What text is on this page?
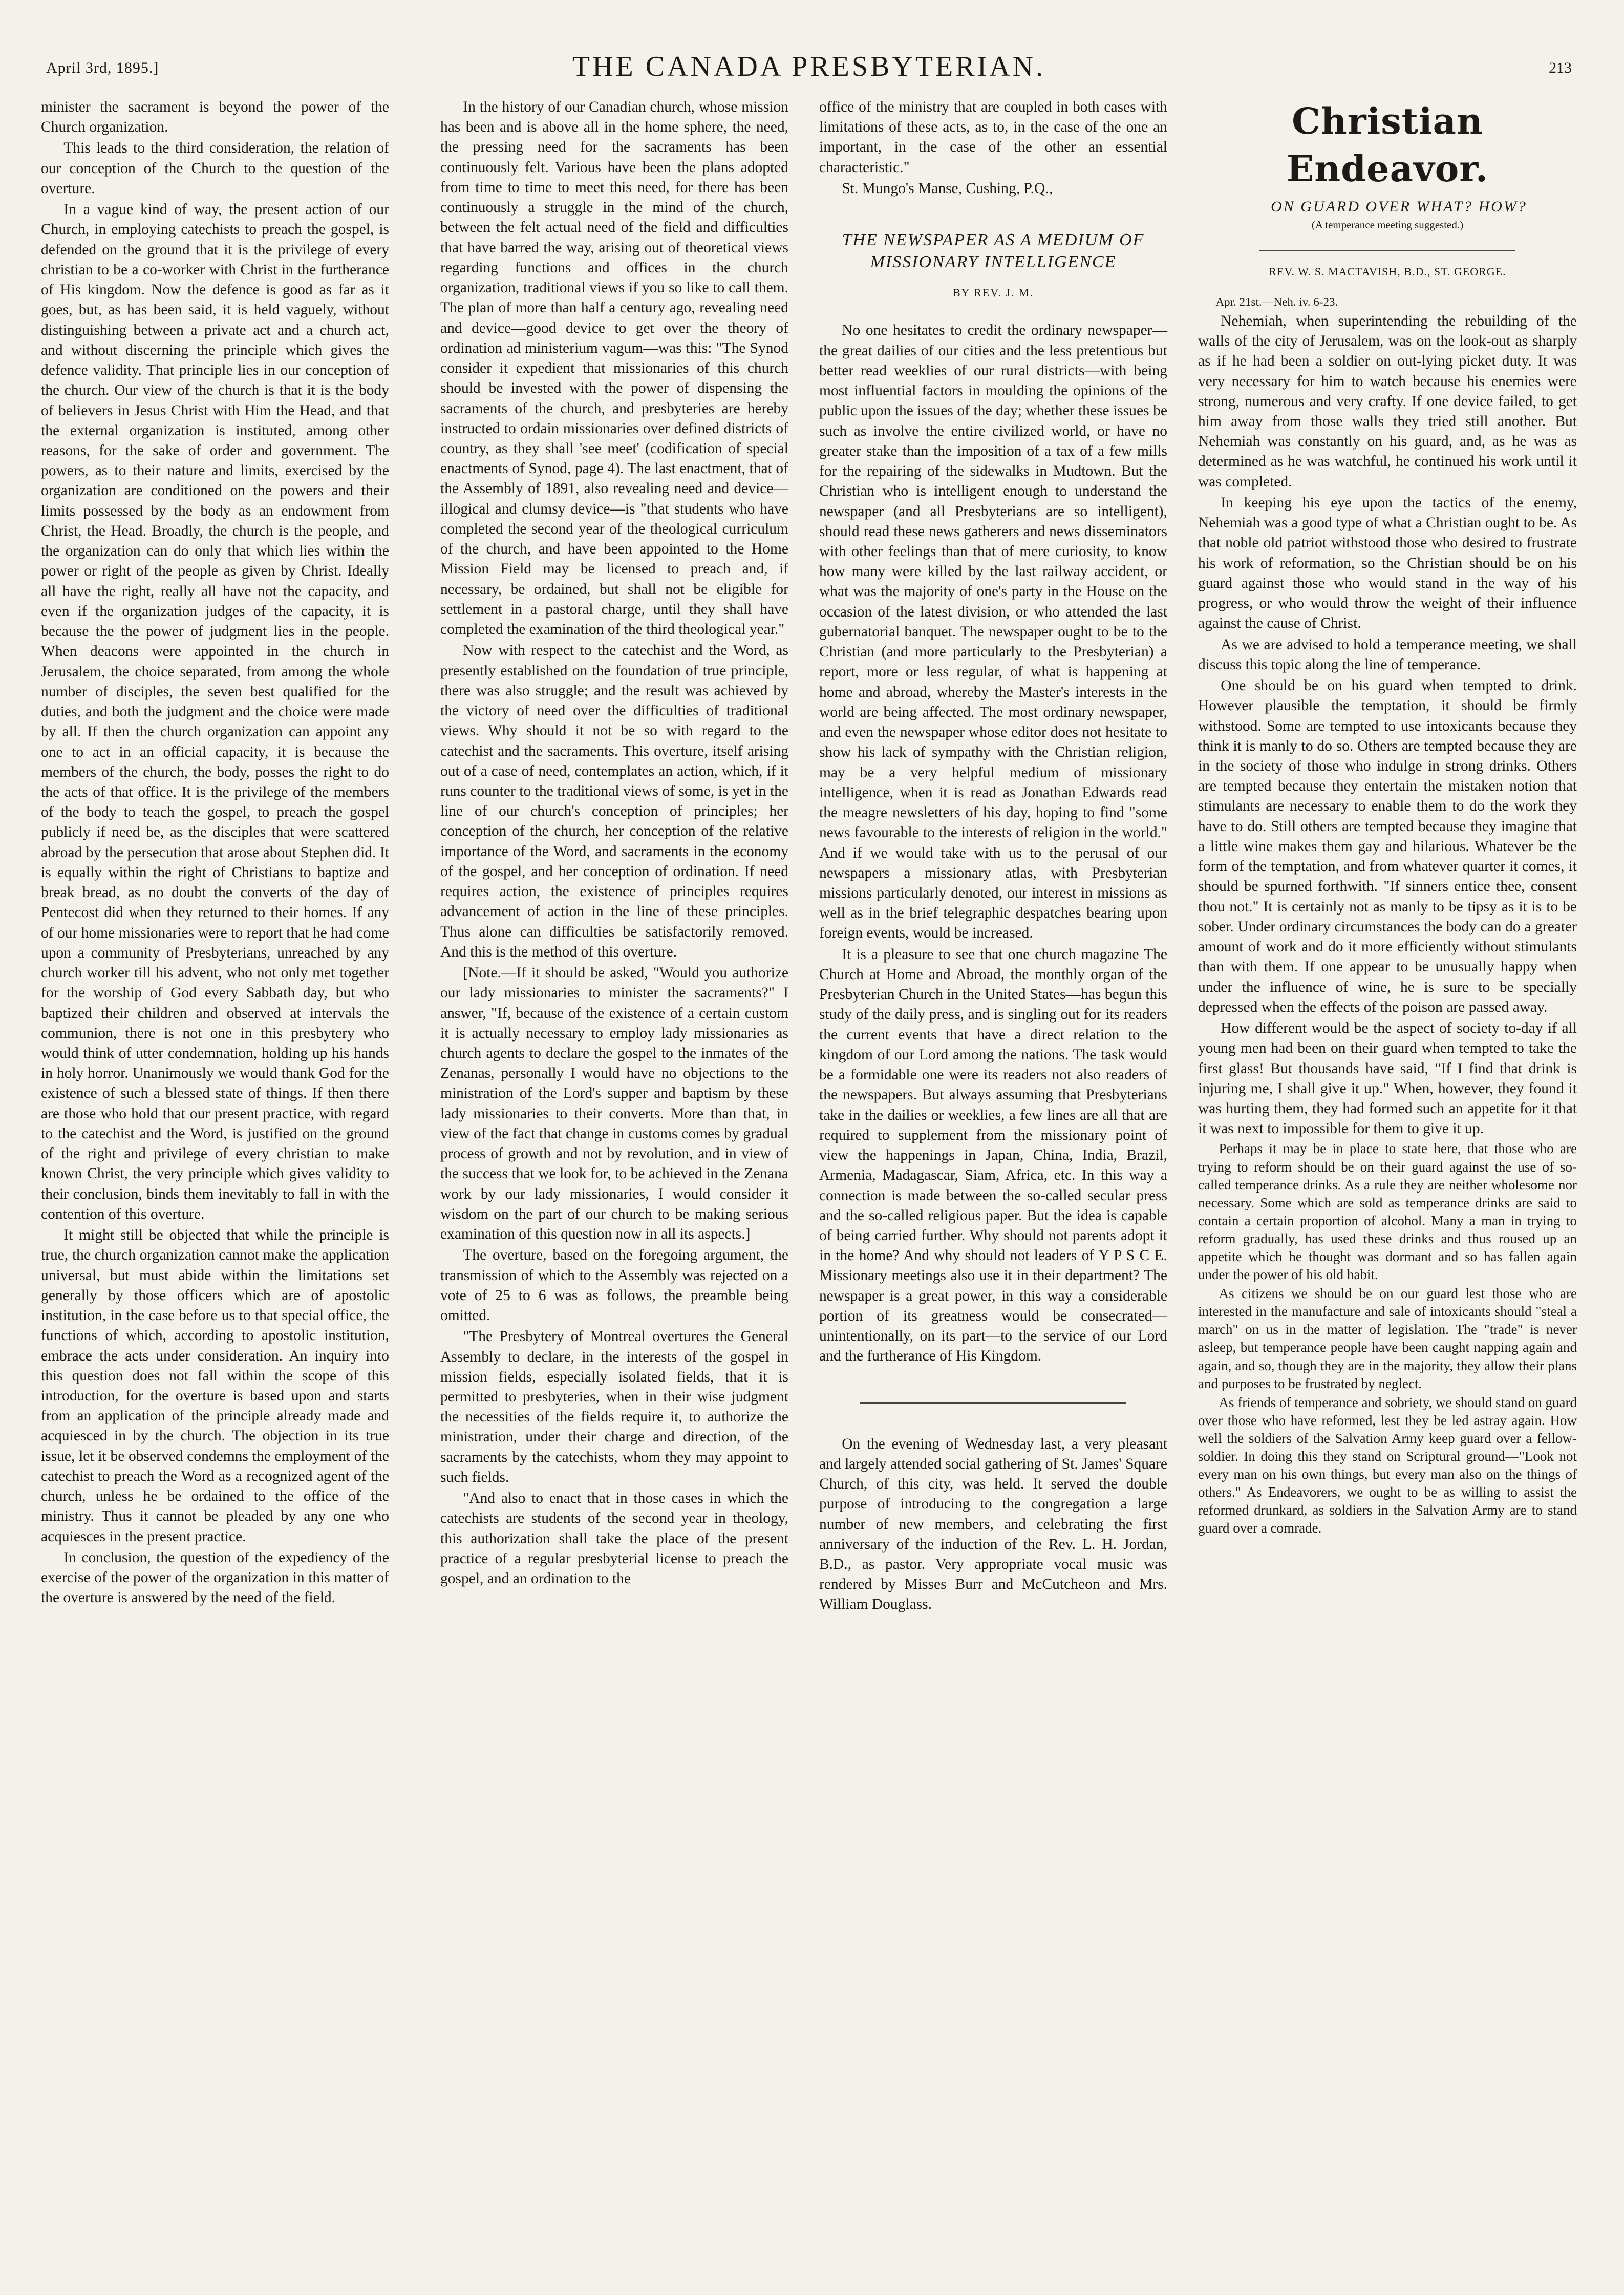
April 3rd, 1895.]	THE CANADA PRESBYTERIAN.	213

minister the sacrament is beyond the power of the Church organization.

This leads to the third consideration, the relation of our conception of the Church to the question of the overture.

In a vague kind of way, the present action of our Church, in employing catechists to preach the gospel, is defended on the ground that it is the privilege of every christian to be a co-worker with Christ in the furtherance of His kingdom. Now the defence is good as far as it goes, but, as has been said, it is held vaguely, without distinguishing between a private act and a church act, and without discerning the principle which gives the defence validity. That principle lies in our conception of the church. Our view of the church is that it is the body of believers in Jesus Christ with Him the Head, and that the external organization is instituted, among other reasons, for the sake of order and government. The powers, as to their nature and limits, exercised by the organization are conditioned on the powers and their limits possessed by the body as an endowment from Christ, the Head. Broadly, the church is the people, and the organization can do only that which lies within the power or right of the people as given by Christ. Ideally all have the right, really all have not the capacity, and even if the organization judges of the capacity, it is because the the power of judgment lies in the people. When deacons were appointed in the church in Jerusalem, the choice separated, from among the whole number of disciples, the seven best qualified for the duties, and both the judgment and the choice were made by all. If then the church organization can appoint any one to act in an official capacity, it is because the members of the church, the body, posses the right to do the acts of that office. It is the privilege of the members of the body to teach the gospel, to preach the gospel publicly if need be, as the disciples that were scattered abroad by the persecution that arose about Stephen did. It is equally within the right of Christians to baptize and break bread, as no doubt the converts of the day of Pentecost did when they returned to their homes. If any of our home missionaries were to report that he had come upon a community of Presbyterians, unreached by any church worker till his advent, who not only met together for the worship of God every Sabbath day, but who baptized their children and observed at intervals the communion, there is not one in this presbytery who would think of utter condemnation, holding up his hands in holy horror. Unanimously we would thank God for the existence of such a blessed state of things. If then there are those who hold that our present practice, with regard to the catechist and the Word, is justified on the ground of the right and privilege of every christian to make known Christ, the very principle which gives validity to their conclusion, binds them inevitably to fall in with the contention of this overture.

It might still be objected that while the principle is true, the church organization cannot make the application universal, but must abide within the limitations set generally by those officers which are of apostolic institution, in the case before us to that special office, the functions of which, according to apostolic institution, embrace the acts under consideration. An inquiry into this question does not fall within the scope of this introduction, for the overture is based upon and starts from an application of the principle already made and acquiesced in by the church. The objection in its true issue, let it be observed condemns the employment of the catechist to preach the Word as a recognized agent of the church, unless he be ordained to the office of the ministry. Thus it cannot be pleaded by any one who acquiesces in the present practice.

In conclusion, the question of the expediency of the exercise of the power of the organization in this matter of the overture is answered by the need of the field.

In the history of our Canadian church, whose mission has been and is above all in the home sphere, the need, the pressing need for the sacraments has been continuously felt. Various have been the plans adopted from time to time to meet this need, for there has been continuously a struggle in the mind of the church, between the felt actual need of the field and difficulties that have barred the way, arising out of theoretical views regarding functions and offices in the church organization, traditional views if you so like to call them. The plan of more than half a century ago, revealing need and device—good device to get over the theory of ordination ad ministerium vagum—was this: "The Synod consider it expedient that missionaries of this church should be invested with the power of dispensing the sacraments of the church, and presbyteries are hereby instructed to ordain missionaries over defined districts of country, as they shall 'see meet' (codification of special enactments of Synod, page 4). The last enactment, that of the Assembly of 1891, also revealing need and device—illogical and clumsy device—is "that students who have completed the second year of the theological curriculum of the church, and have been appointed to the Home Mission Field may be licensed to preach and, if necessary, be ordained, but shall not be eligible for settlement in a pastoral charge, until they shall have completed the examination of the third theological year."

Now with respect to the catechist and the Word, as presently established on the foundation of true principle, there was also struggle; and the result was achieved by the victory of need over the difficulties of traditional views. Why should it not be so with regard to the catechist and the sacraments. This overture, itself arising out of a case of need, contemplates an action, which, if it runs counter to the traditional views of some, is yet in the line of our church's conception of principles; her conception of the church, her conception of the relative importance of the Word, and sacraments in the economy of the gospel, and her conception of ordination. If need requires action, the existence of principles requires advancement of action in the line of these principles. Thus alone can difficulties be satisfactorily removed. And this is the method of this overture.

[Note.—If it should be asked, "Would you authorize our lady missionaries to minister the sacraments?" I answer, "If, because of the existence of a certain custom it is actually necessary to employ lady missionaries as church agents to declare the gospel to the inmates of the Zenanas, personally I would have no objections to the ministration of the Lord's supper and baptism by these lady missionaries to their converts. More than that, in view of the fact that change in customs comes by gradual process of growth and not by revolution, and in view of the success that we look for, to be achieved in the Zenana work by our lady missionaries, I would consider it wisdom on the part of our church to be making serious examination of this question now in all its aspects.]

The overture, based on the foregoing argument, the transmission of which to the Assembly was rejected on a vote of 25 to 6 was as follows, the preamble being omitted.

"The Presbytery of Montreal overtures the General Assembly to declare, in the interests of the gospel in mission fields, especially isolated fields, that it is permitted to presbyteries, when in their wise judgment the necessities of the fields require it, to authorize the ministration, under their charge and direction, of the sacraments by the catechists, whom they may appoint to such fields.

"And also to enact that in those cases in which the catechists are students of the second year in theology, this authorization shall take the place of the present practice of a regular presbyterial license to preach the gospel, and an ordination to the

office of the ministry that are coupled in both cases with limitations of these acts, as to, in the case of the one an important, in the case of the other an essential characteristic."

St. Mungo's Manse, Cushing, P.Q.,

THE NEWSPAPER AS A MEDIUM OF MISSIONARY INTELLIGENCE
BY REV. J. M.

No one hesitates to credit the ordinary newspaper—the great dailies of our cities and the less pretentious but better read weeklies of our rural districts—with being most influential factors in moulding the opinions of the public upon the issues of the day; whether these issues be such as involve the entire civilized world, or have no greater stake than the imposition of a tax of a few mills for the repairing of the sidewalks in Mudtown. But the Christian who is intelligent enough to understand the newspaper (and all Presbyterians are so intelligent), should read these news gatherers and news disseminators with other feelings than that of mere curiosity, to know how many were killed by the last railway accident, or what was the majority of one's party in the House on the occasion of the latest division, or who attended the last gubernatorial banquet. The newspaper ought to be to the Christian (and more particularly to the Presbyterian) a report, more or less regular, of what is happening at home and abroad, whereby the Master's interests in the world are being affected. The most ordinary newspaper, and even the newspaper whose editor does not hesitate to show his lack of sympathy with the Christian religion, may be a very helpful medium of missionary intelligence, when it is read as Jonathan Edwards read the meagre newsletters of his day, hoping to find "some news favourable to the interests of religion in the world." And if we would take with us to the perusal of our newspapers a missionary atlas, with Presbyterian missions particularly denoted, our interest in missions as well as in the brief telegraphic despatches bearing upon foreign events, would be increased.

It is a pleasure to see that one church magazine The Church at Home and Abroad, the monthly organ of the Presbyterian Church in the United States—has begun this study of the daily press, and is singling out for its readers the current events that have a direct relation to the kingdom of our Lord among the nations. The task would be a formidable one were its readers not also readers of the newspapers. But always assuming that Presbyterians take in the dailies or weeklies, a few lines are all that are required to supplement from the missionary point of view the happenings in Japan, China, India, Brazil, Armenia, Madagascar, Siam, Africa, etc. In this way a connection is made between the so-called secular press and the so-called religious paper. But the idea is capable of being carried further. Why should not parents adopt it in the home? And why should not leaders of Y P S C E. Missionary meetings also use it in their department? The newspaper is a great power, in this way a considerable portion of its greatness would be consecrated—unintentionally, on its part—to the service of our Lord and the furtherance of His Kingdom.

On the evening of Wednesday last, a very pleasant and largely attended social gathering of St. James' Square Church, of this city, was held. It served the double purpose of introducing to the congregation a large number of new members, and celebrating the first anniversary of the induction of the Rev. L. H. Jordan, B.D., as pastor. Very appropriate vocal music was rendered by Misses Burr and McCutcheon and Mrs. William Douglass.

Christian Endeavor.

ON GUARD OVER WHAT? HOW?

(A temperance meeting suggested.)
REV. W. S. MACTAVISH, B.D., ST. GEORGE.

Apr. 21st.—Neh. iv. 6-23.

Nehemiah, when superintending the rebuilding of the walls of the city of Jerusalem, was on the look-out as sharply as if he had been a soldier on out-lying picket duty. It was very necessary for him to watch because his enemies were strong, numerous and very crafty. If one device failed, to get him away from those walls they tried still another. But Nehemiah was constantly on his guard, and, as he was as determined as he was watchful, he continued his work until it was completed.

In keeping his eye upon the tactics of the enemy, Nehemiah was a good type of what a Christian ought to be. As that noble old patriot withstood those who desired to frustrate his work of reformation, so the Christian should be on his guard against those who would stand in the way of his progress, or who would throw the weight of their influence against the cause of Christ.

As we are advised to hold a temperance meeting, we shall discuss this topic along the line of temperance.

One should be on his guard when tempted to drink. However plausible the temptation, it should be firmly withstood. Some are tempted to use intoxicants because they think it is manly to do so. Others are tempted because they are in the society of those who indulge in strong drinks. Others are tempted because they entertain the mistaken notion that stimulants are necessary to enable them to do the work they have to do. Still others are tempted because they imagine that a little wine makes them gay and hilarious. Whatever be the form of the temptation, and from whatever quarter it comes, it should be spurned forthwith. "If sinners entice thee, consent thou not." It is certainly not as manly to be tipsy as it is to be sober. Under ordinary circumstances the body can do a greater amount of work and do it more efficiently without stimulants than with them. If one appear to be unusually happy when under the influence of wine, he is sure to be specially depressed when the effects of the poison are passed away.

How different would be the aspect of society to-day if all young men had been on their guard when tempted to take the first glass! But thousands have said, "If I find that drink is injuring me, I shall give it up." When, however, they found it was hurting them, they had formed such an appetite for it that it was next to impossible for them to give it up.

Perhaps it may be in place to state here, that those who are trying to reform should be on their guard against the use of so-called temperance drinks. As a rule they are neither wholesome nor necessary. Some which are sold as temperance drinks are said to contain a certain proportion of alcohol. Many a man in trying to reform gradually, has used these drinks and thus roused up an appetite which he thought was dormant and so has fallen again under the power of his old habit.

As citizens we should be on our guard lest those who are interested in the manufacture and sale of intoxicants should "steal a march" on us in the matter of legislation. The "trade" is never asleep, but temperance people have been caught napping again and again, and so, though they are in the majority, they allow their plans and purposes to be frustrated by neglect.

As friends of temperance and sobriety, we should stand on guard over those who have reformed, lest they be led astray again. How well the soldiers of the Salvation Army keep guard over a fellow-soldier. In doing this they stand on Scriptural ground—"Look not every man on his own things, but every man also on the things of others." As Endeavorers, we ought to be as willing to assist the reformed drunkard, as soldiers in the Salvation Army are to stand guard over a comrade.
